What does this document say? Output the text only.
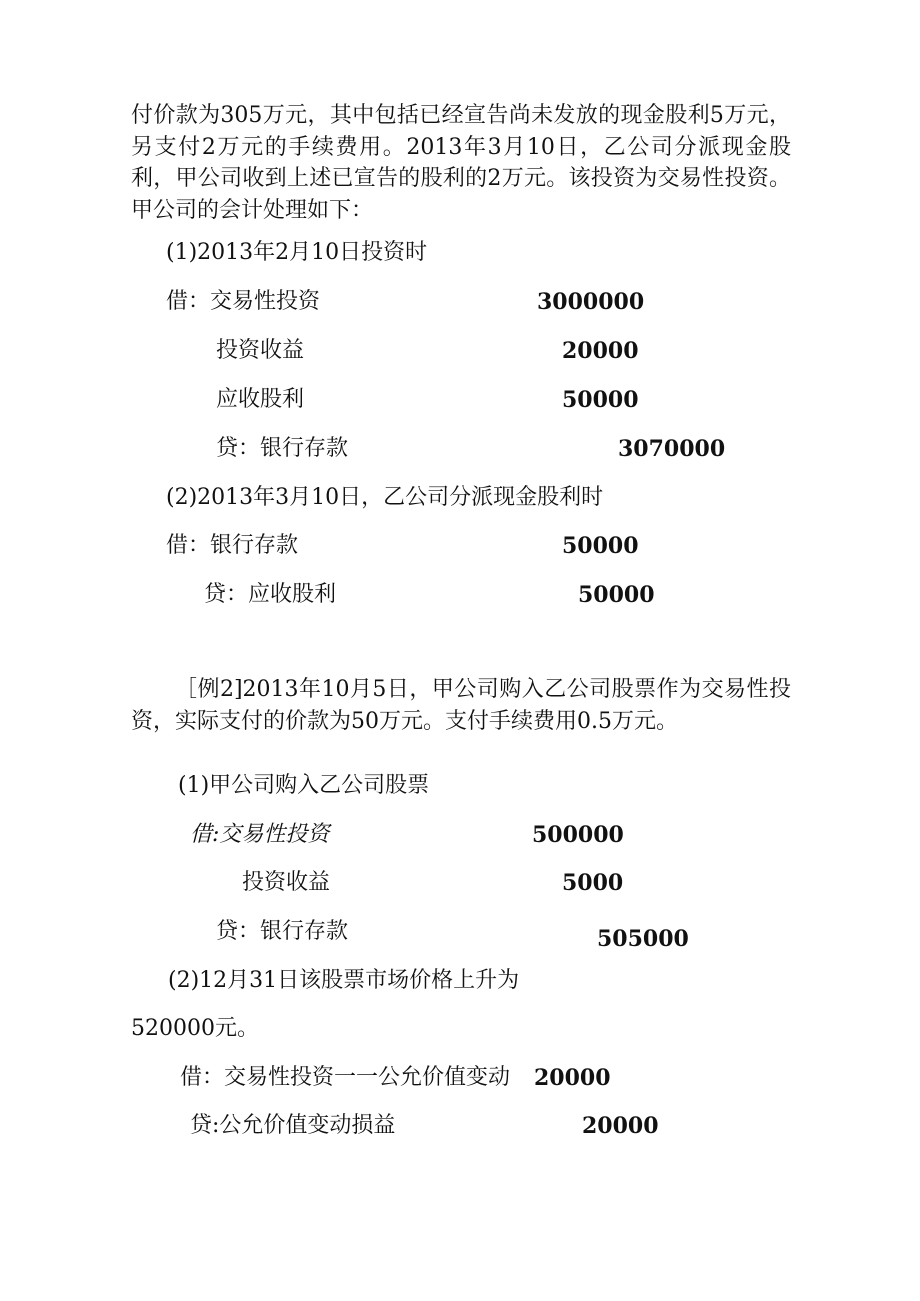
付价款为305万元，其中包括已经宣告尚未发放的现金股利5万元，另支付2万元的手续费用。2013年3月10日，乙公司分派现金股利，甲公司收到上述已宣告的股利的2万元。该投资为交易性投资。甲公司的会计处理如下：

(1)2013年2月10日投资时
借：交易性投资	3000000
投资收益	20000
应收股利	50000
贷：银行存款	3070000
(2)2013年3月10日，乙公司分派现金股利时
借：银行存款	50000
贷：应收股利	50000

［例2]2013年10月5日，甲公司购入乙公司股票作为交易性投资，实际支付的价款为50万元。支付手续费用0.5万元。

(1)甲公司购入乙公司股票
借:交易性投资	500000
投资收益	5000
贷：银行存款	505000
(2)12月31日该股票市场价格上升为
520000元。
借：交易性投资一一公允价值变动 20000
贷:公允价值变动损益	20000
